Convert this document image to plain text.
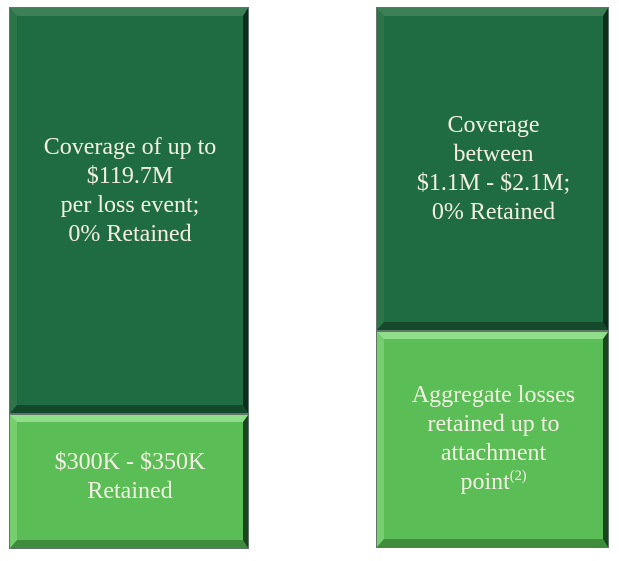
Coverage of up to
$119.7M
per loss event;
0% Retained
$300K - $350K
Retained
Coverage
between
$1.1M - $2.1M;
0% Retained
Aggregate losses
retained up to
attachment
point$^{(2)}$
